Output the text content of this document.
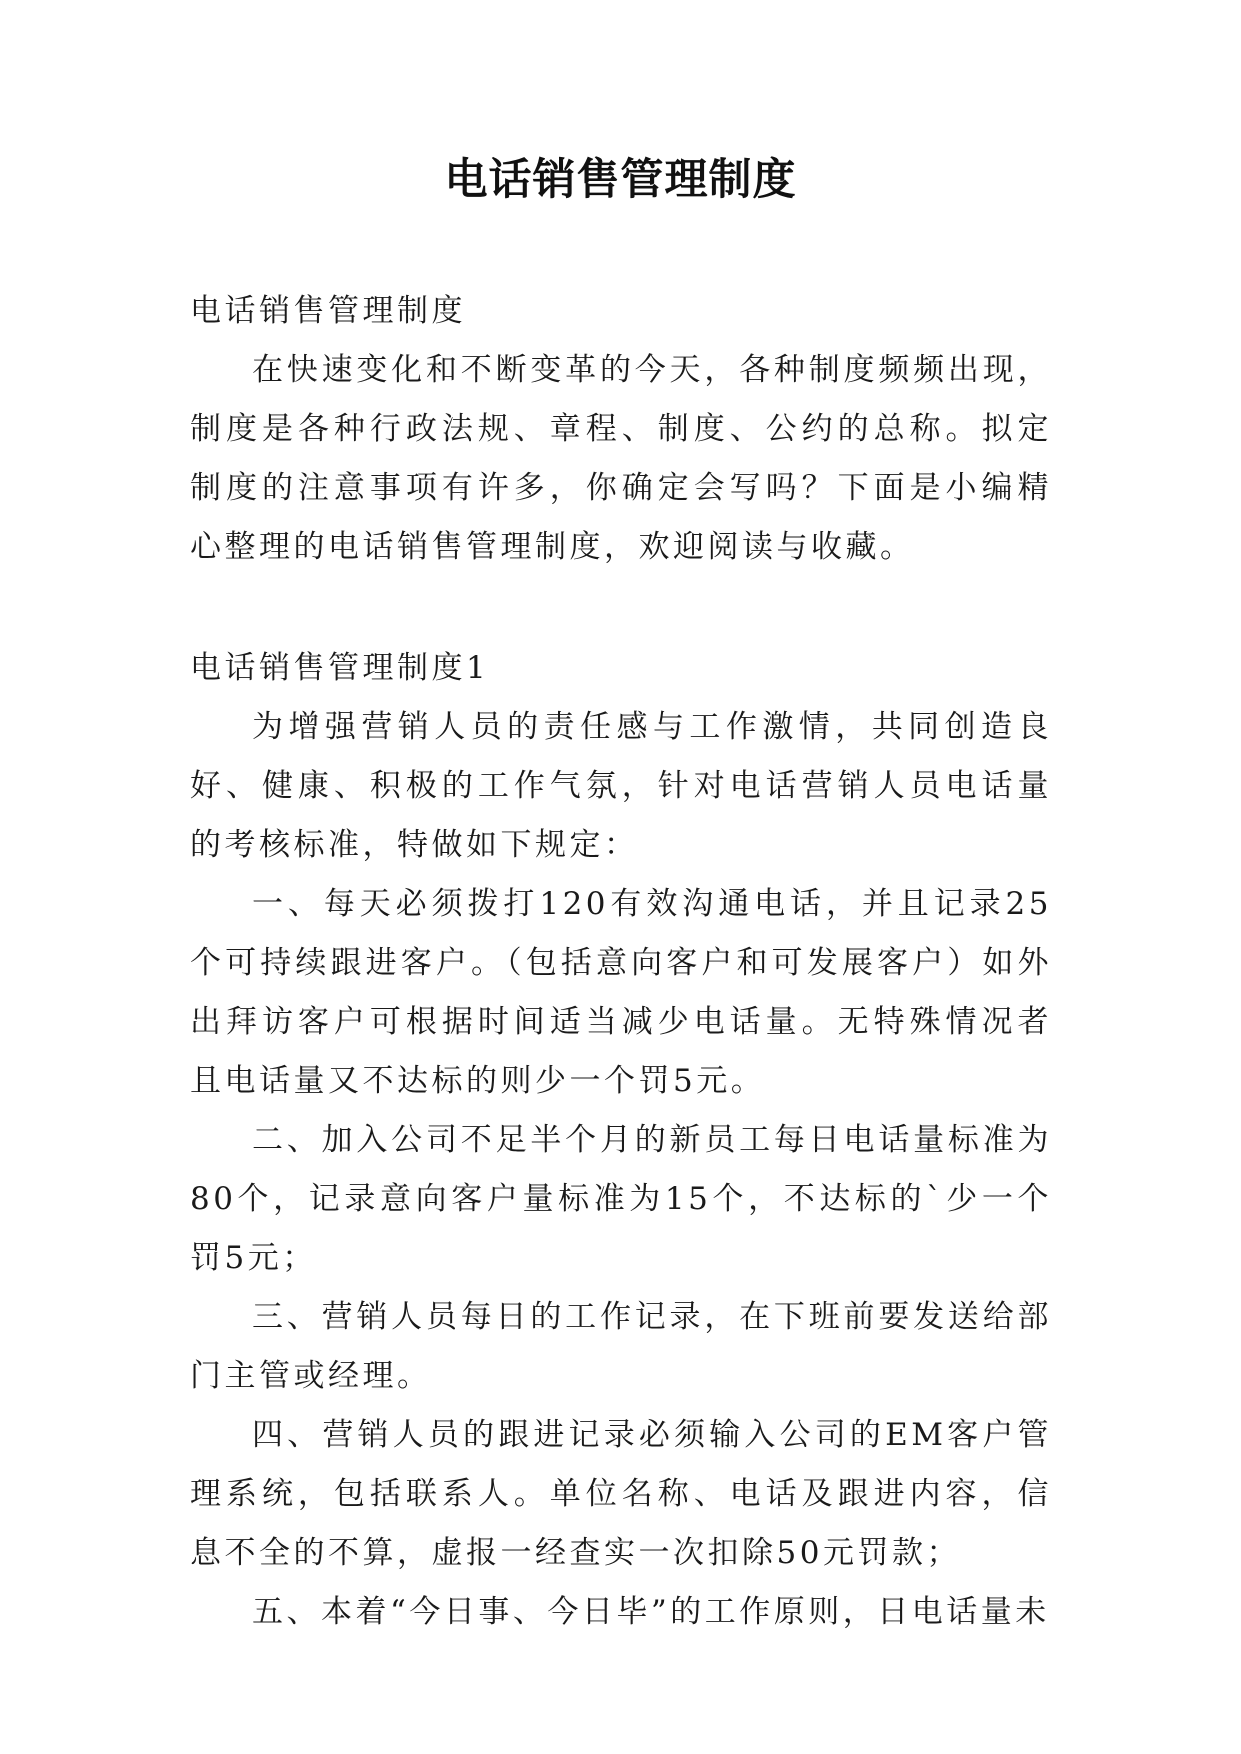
电话销售管理制度

电话销售管理制度

在快速变化和不断变革的今天，各种制度频频出现，制度是各种行政法规、章程、制度、公约的总称。拟定制度的注意事项有许多，你确定会写吗？下面是小编精心整理的电话销售管理制度，欢迎阅读与收藏。

电话销售管理制度1

为增强营销人员的责任感与工作激情，共同创造良好、健康、积极的工作气氛，针对电话营销人员电话量的考核标准，特做如下规定：

一、每天必须拨打120有效沟通电话，并且记录25个可持续跟进客户。（包括意向客户和可发展客户）如外出拜访客户可根据时间适当减少电话量。无特殊情况者且电话量又不达标的则少一个罚5元。

二、加入公司不足半个月的新员工每日电话量标准为80个，记录意向客户量标准为15个，不达标的`少一个罚5元；

三、营销人员每日的工作记录，在下班前要发送给部门主管或经理。

四、营销人员的跟进记录必须输入公司的EM客户管理系统，包括联系人。单位名称、电话及跟进内容，信息不全的不算，虚报一经查实一次扣除50元罚款；

五、本着“今日事、今日毕”的工作原则，日电话量未
